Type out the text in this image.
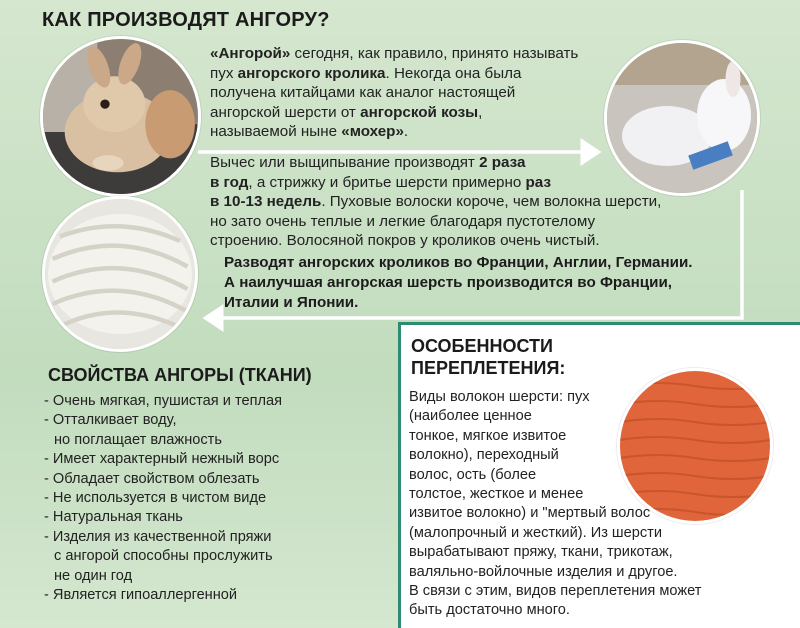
КАК ПРОИЗВОДЯТ АНГОРУ?
«Ангорой» сегодня, как правило, принято называть
пух ангорского кролика. Некогда она была
получена китайцами как аналог настоящей
ангорской шерсти от ангорской козы,
называемой ныне «мохер».
Вычес или выщипывание производят 2 раза
в год, а стрижку и бритье шерсти примерно раз
в 10-13 недель. Пуховые волоски короче, чем волокна шерсти,
но зато очень теплые и легкие благодаря пустотелому
строению. Волосяной покров у кроликов очень чистый.
Разводят ангорских кроликов во Франции, Англии, Германии.
А наилучшая ангорская шерсть производится во Франции,
Италии и Японии.
СВОЙСТВА АНГОРЫ (ТКАНИ)
- Очень мягкая, пушистая и теплая
- Отталкивает воду,
но поглащает влажность
- Имеет характерный нежный ворс
- Обладает свойством облезать
- Не используется в чистом виде
- Натуральная ткань
- Изделия из качественной пряжи
с ангорой способны прослужить
не один год
- Является гипоаллергенной
ОСОБЕННОСТИ
ПЕРЕПЛЕТЕНИЯ:
Виды волокон шерсти: пух
(наиболее ценное
тонкое, мягкое извитое
волокно), переходный
волос, ость (более
толстое, жесткое и менее
извитое волокно) и "мертвый волос"
(малопрочный и жесткий). Из шерсти
вырабатывают пряжу, ткани, трикотаж,
валяльно-войлочные изделия и другое.
В связи с этим, видов переплетения может
быть достаточно много.
